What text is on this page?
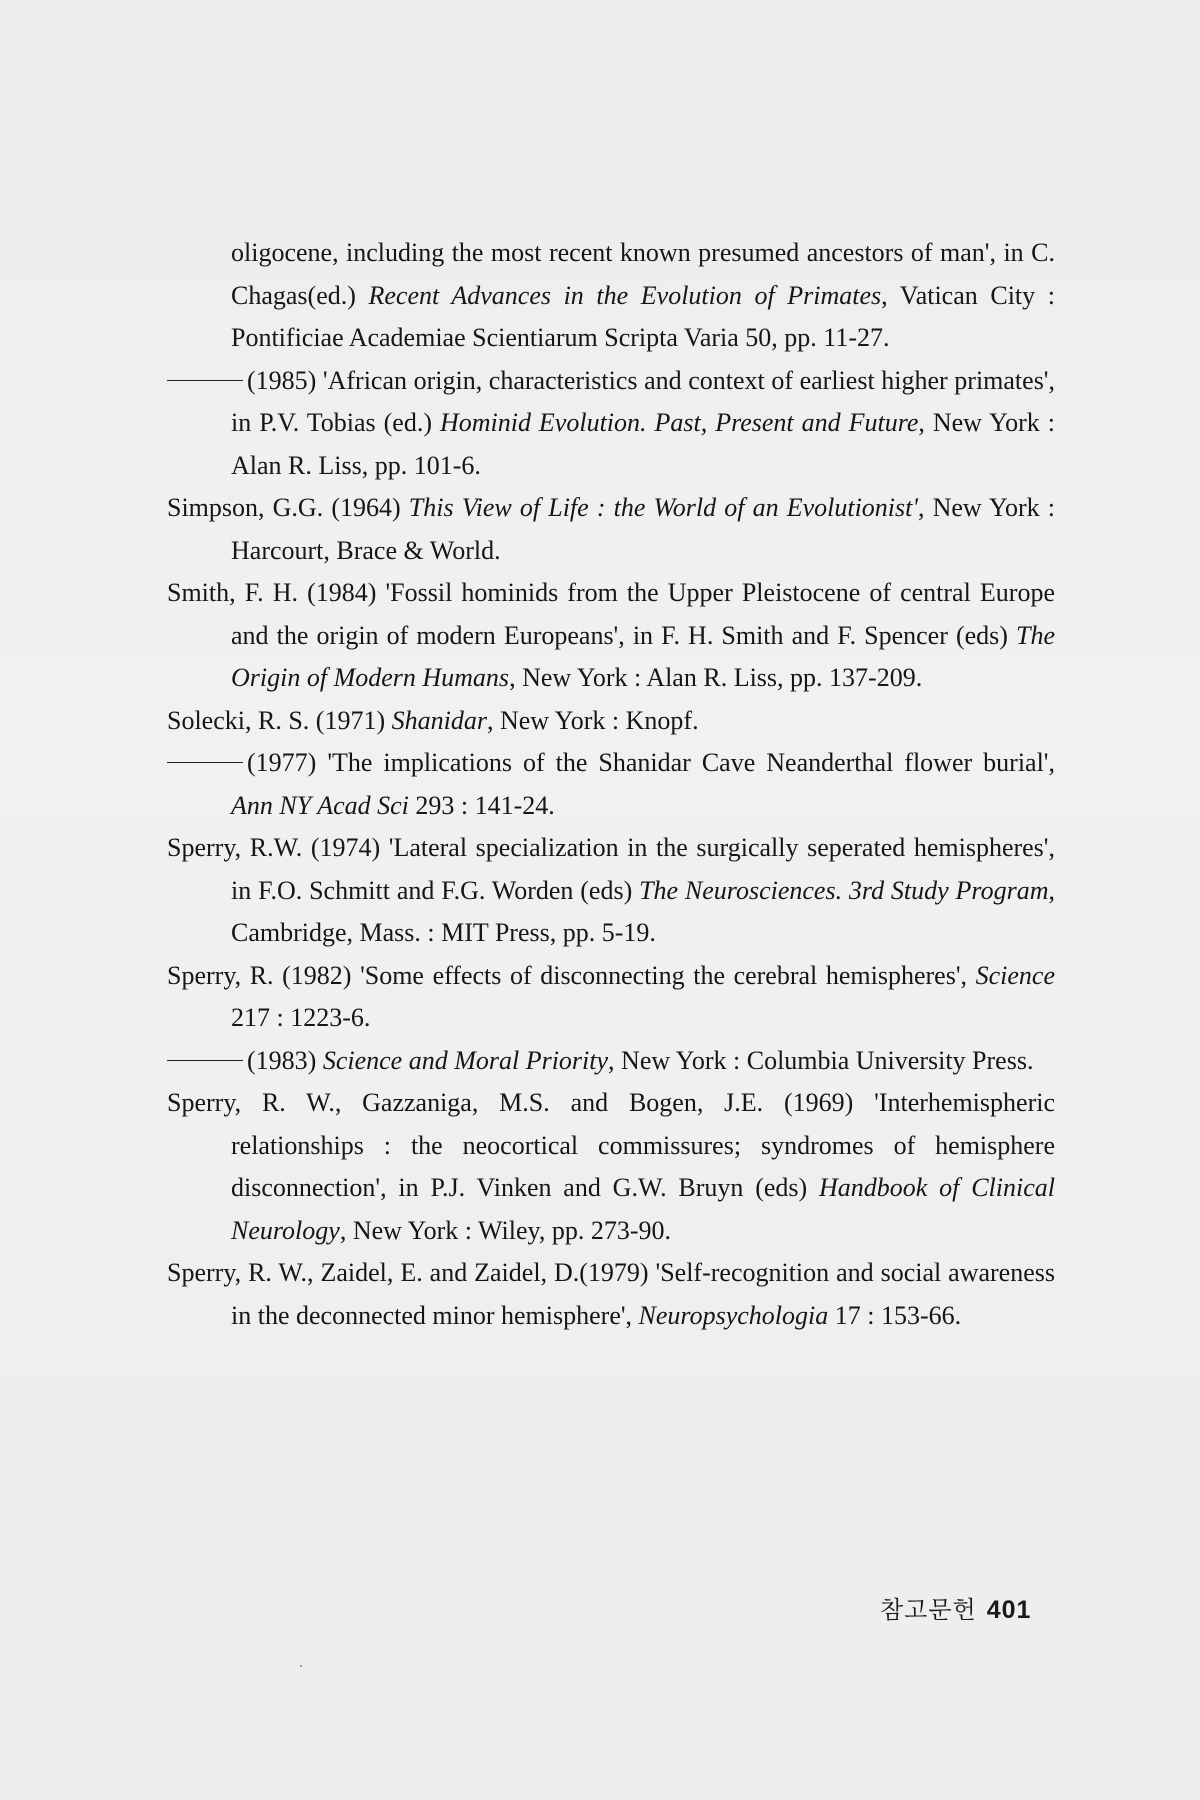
oligocene, including the most recent known presumed ancestors of man', in C. Chagas(ed.) Recent Advances in the Evolution of Primates, Vatican City : Pontificiae Academiae Scientiarum Scripta Varia 50, pp. 11-27.
(1985) 'African origin, characteristics and context of earliest higher primates', in P.V. Tobias (ed.) Hominid Evolution. Past, Present and Future, New York : Alan R. Liss, pp. 101-6.
Simpson, G.G. (1964) This View of Life : the World of an Evolutionist', New York : Harcourt, Brace & World.
Smith, F. H. (1984) 'Fossil hominids from the Upper Pleistocene of central Europe and the origin of modern Europeans', in F. H. Smith and F. Spencer (eds) The Origin of Modern Humans, New York : Alan R. Liss, pp. 137-209.
Solecki, R. S. (1971) Shanidar, New York : Knopf.
(1977) 'The implications of the Shanidar Cave Neanderthal flower burial', Ann NY Acad Sci 293 : 141-24.
Sperry, R.W. (1974) 'Lateral specialization in the surgically seperated hemispheres', in F.O. Schmitt and F.G. Worden (eds) The Neurosciences. 3rd Study Program, Cambridge, Mass. : MIT Press, pp. 5-19.
Sperry, R. (1982) 'Some effects of disconnecting the cerebral hemispheres', Science 217 : 1223-6.
(1983) Science and Moral Priority, New York : Columbia University Press.
Sperry, R. W., Gazzaniga, M.S. and Bogen, J.E. (1969) 'Interhemispheric relationships : the neocortical commissures; syndromes of hemisphere disconnection', in P.J. Vinken and G.W. Bruyn (eds) Handbook of Clinical Neurology, New York : Wiley, pp. 273-90.
Sperry, R. W., Zaidel, E. and Zaidel, D.(1979) 'Self-recognition and social awareness in the deconnected minor hemisphere', Neuropsychologia 17 : 153-66.
참고문헌 401
